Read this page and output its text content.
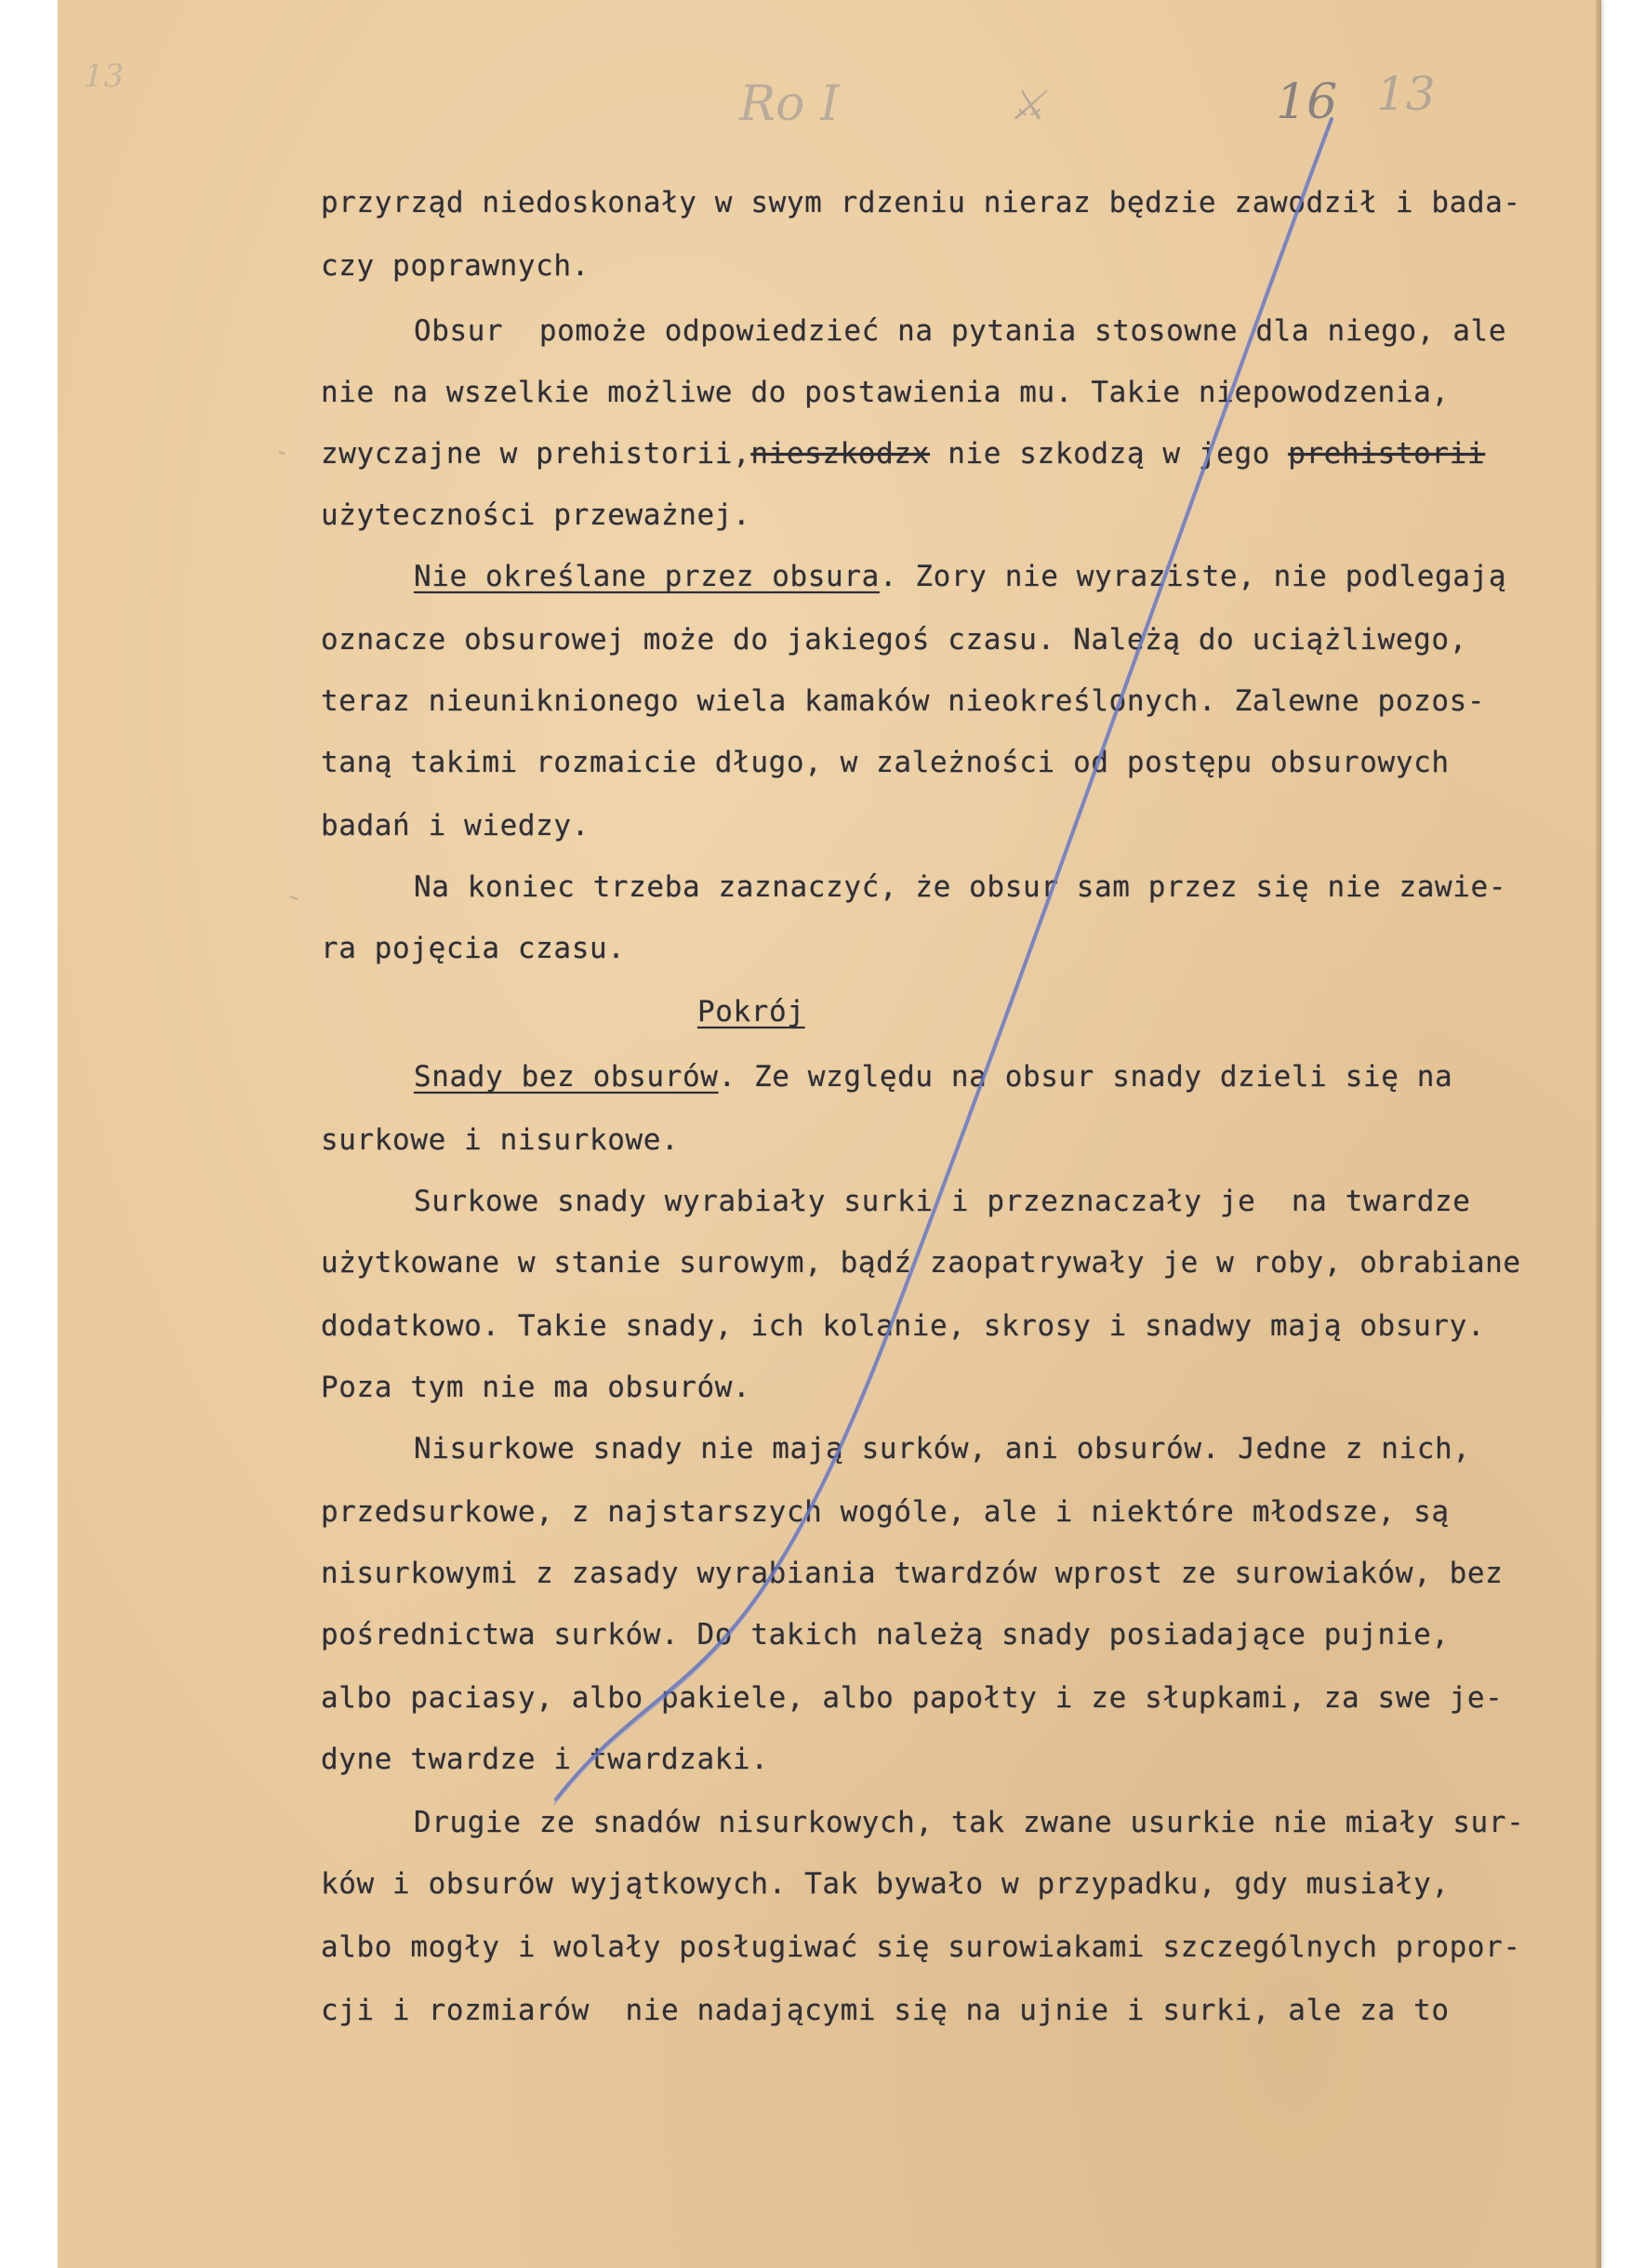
13	Ro I	⚔	16 13

przyrząd niedoskonały w swym rdzeniu nieraz będzie zawodził i bada-

czy poprawnych.

Obsur  pomoże odpowiedzieć na pytania stosowne dla niego, ale

nie na wszelkie możliwe do postawienia mu. Takie niepowodzenia,

zwyczajne w prehistorii,nieszkodzx nie szkodzą w jego prehistorii

użyteczności przeważnej.

Nie określane przez obsura. Zory nie wyraziste, nie podlegają

oznacze obsurowej może do jakiegoś czasu. Należą do uciążliwego,

teraz nieuniknionego wiela kamaków nieokreślonych. Zalewne pozos-

taną takimi rozmaicie długo, w zależności od postępu obsurowych

badań i wiedzy.

Na koniec trzeba zaznaczyć, że obsur sam przez się nie zawie-

ra pojęcia czasu.

Pokrój

Snady bez obsurów. Ze względu na obsur snady dzieli się na

surkowe i nisurkowe.

Surkowe snady wyrabiały surki i przeznaczały je  na twardze

użytkowane w stanie surowym, bądź zaopatrywały je w roby, obrabiane

dodatkowo. Takie snady, ich kolanie, skrosy i snadwy mają obsury.

Poza tym nie ma obsurów.

Nisurkowe snady nie mają surków, ani obsurów. Jedne z nich,

przedsurkowe, z najstarszych wogóle, ale i niektóre młodsze, są

nisurkowymi z zasady wyrabiania twardzów wprost ze surowiaków, bez

pośrednictwa surków. Do takich należą snady posiadające pujnie,

albo paciasy, albo pakiele, albo papołty i ze słupkami, za swe je-

dyne twardze i twardzaki.

Drugie ze snadów nisurkowych, tak zwane usurkie nie miały sur-

ków i obsurów wyjątkowych. Tak bywało w przypadku, gdy musiały,

albo mogły i wolały posługiwać się surowiakami szczególnych propor-

cji i rozmiarów  nie nadającymi się na ujnie i surki, ale za to
